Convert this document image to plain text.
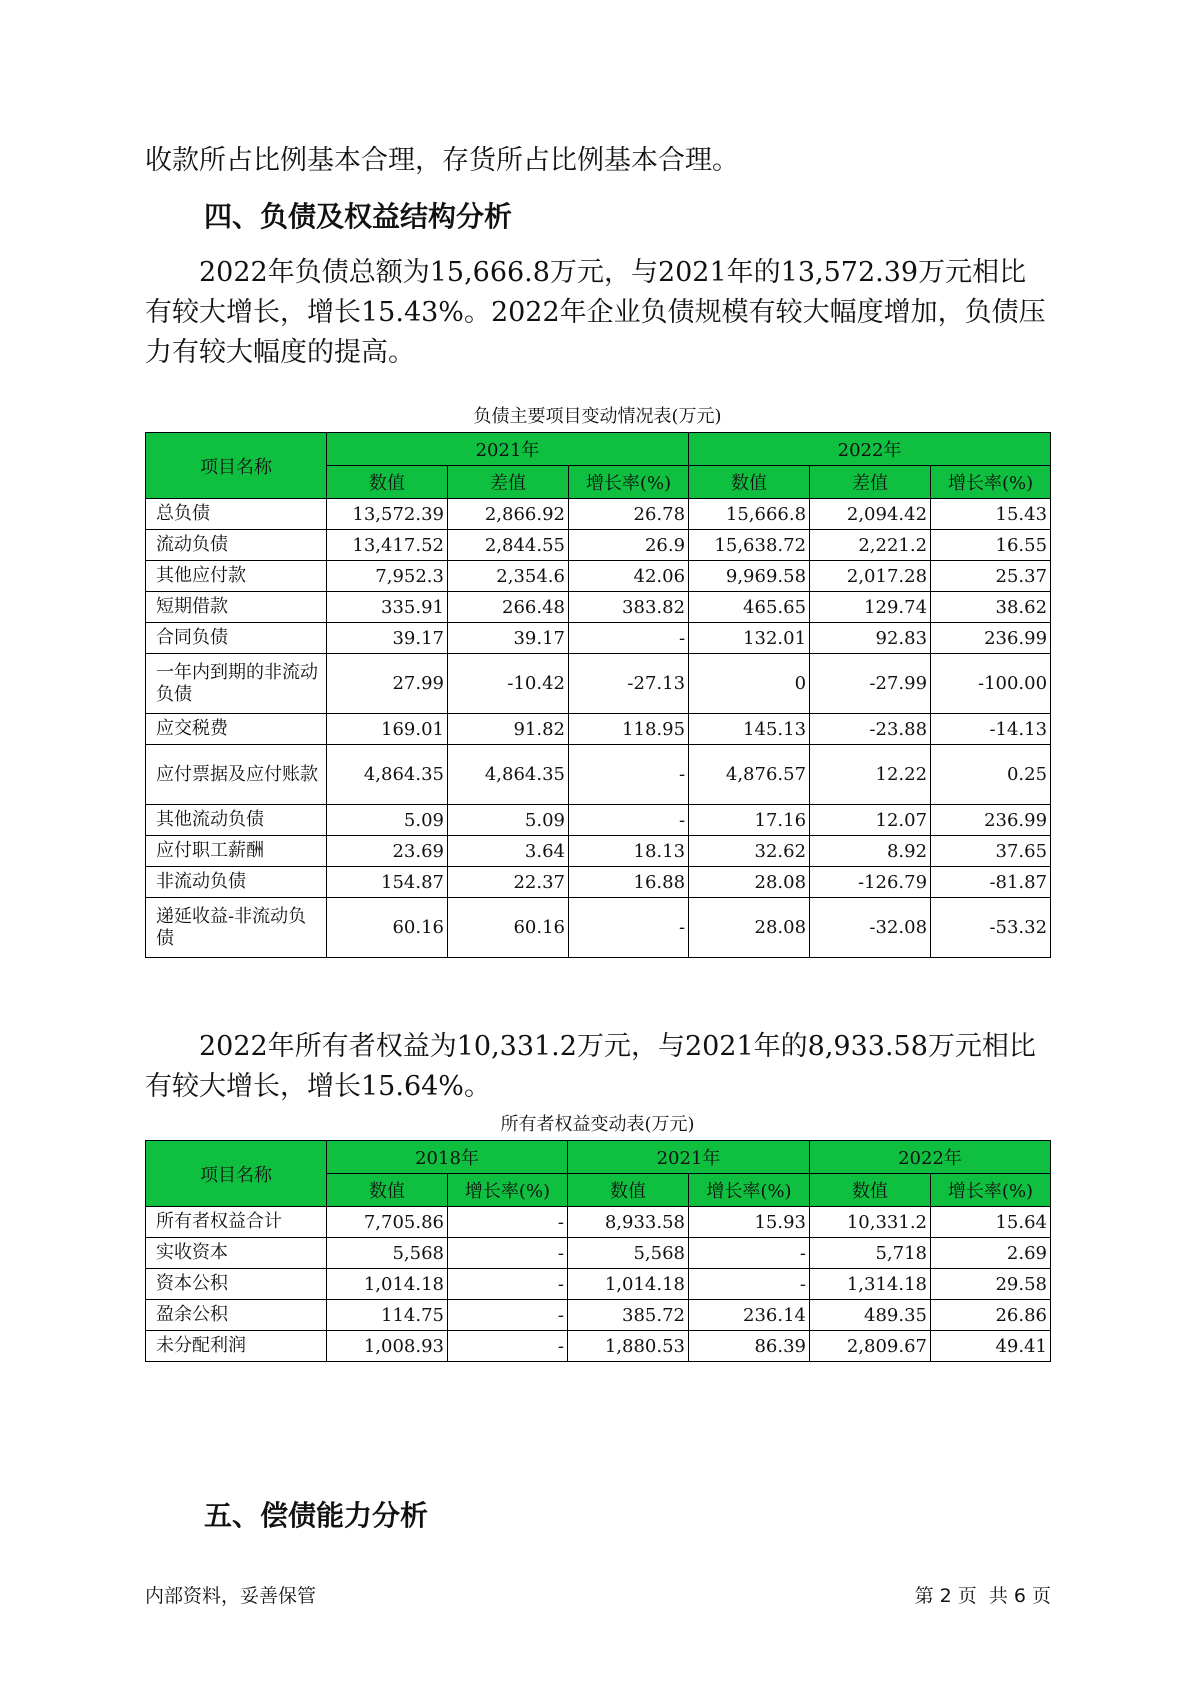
收款所占比例基本合理，存货所占比例基本合理。

四、负债及权益结构分析

2022年负债总额为15,666.8万元，与2021年的13,572.39万元相比有较大增长，增长15.43%。2022年企业负债规模有较大幅度增加，负债压力有较大幅度的提高。

负债主要项目变动情况表(万元)
项目名称	2021年			2022年		
	数值	差值	增长率(%)	数值	差值	增长率(%)
总负债	13,572.39	2,866.92	26.78	15,666.8	2,094.42	15.43
流动负债	13,417.52	2,844.55	26.9	15,638.72	2,221.2	16.55
其他应付款	7,952.3	2,354.6	42.06	9,969.58	2,017.28	25.37
短期借款	335.91	266.48	383.82	465.65	129.74	38.62
合同负债	39.17	39.17	-	132.01	92.83	236.99
一年内到期的非流动负债	27.99	-10.42	-27.13	0	-27.99	-100.00
应交税费	169.01	91.82	118.95	145.13	-23.88	-14.13
应付票据及应付账款	4,864.35	4,864.35	-	4,876.57	12.22	0.25
其他流动负债	5.09	5.09	-	17.16	12.07	236.99
应付职工薪酬	23.69	3.64	18.13	32.62	8.92	37.65
非流动负债	154.87	22.37	16.88	28.08	-126.79	-81.87
递延收益-非流动负债	60.16	60.16	-	28.08	-32.08	-53.32

2022年所有者权益为10,331.2万元，与2021年的8,933.58万元相比有较大增长，增长15.64%。

所有者权益变动表(万元)
项目名称	2018年		2021年		2022年	
	数值	增长率(%)	数值	增长率(%)	数值	增长率(%)
所有者权益合计	7,705.86	-	8,933.58	15.93	10,331.2	15.64
实收资本	5,568	-	5,568	-	5,718	2.69
资本公积	1,014.18	-	1,014.18	-	1,314.18	29.58
盈余公积	114.75	-	385.72	236.14	489.35	26.86
未分配利润	1,008.93	-	1,880.53	86.39	2,809.67	49.41
五、偿债能力分析
内部资料，妥善保管	第 2 页  共 6 页
